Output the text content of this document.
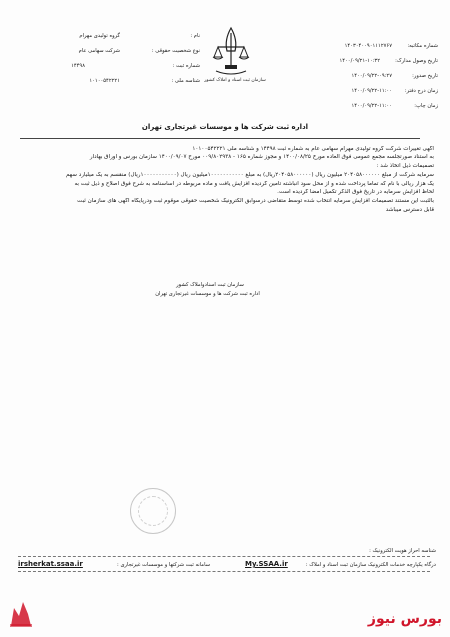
شماره مکاتبه:
۱۴۰۳۰۴۰۰۹۰۱۱۱۲۷۶۷
تاریخ وصول مدارک:
۱۴۰۰/۰۹/۲۱-۱۰:۳۲
تاریخ صدور:
۱۴۰۰/۰۹/۲۲-۰۹:۲۷
زمان درج دفتر:
۱۴۰۰/۰۹/۲۲-۱۱:۰۰
زمان چاپ:
۱۴۰۰/۰۹/۲۲-۱۱:۰۰
سازمان ثبت اسناد و املاک کشور
نام :
گروه تولیدی مهرام
نوع شخصیت حقوقی :
شرکت سهامی عام
شماره ثبت :
۱۴۴۹۸
شناسه ملی :
۱۰۱۰۰۵۴۲۲۲۱
اداره ثبت شرکت ها و موسسات غیرتجاری تهران
آگهی تغییرات شرکت گروه تولیدی مهرام سهامی عام به شماره ثبت ۱۴۴۹۸ و شناسه ملی ۱۰۱۰۰۵۴۲۲۲۱
به استناد صورتجلسه مجمع عمومی فوق العاده مورخ ۱۴۰۰/۰۸/۲۵ و مجوز شماره ۱۶۵ - ۰۰۹/۸۰۲۹۳۸ مورخ ۱۴۰۰/۰۹/۰۷ سازمان بورس و اوراق بهادار
تصمیمات ذیل اتخاذ شد :
سرمایه شرکت از مبلغ ۲۰۴۰۵۸۰۰۰۰۰۰ میلیون ریال (۲۰۴۰۵۸۰۰۰۰۰۰ریال) به مبلغ ۱۰۰۰۰۰۰۰۰۰۰۰میلیون ریال (۱۰۰۰۰۰۰۰۰۰۰۰ریال) منقسم به یک میلیارد سهم
یک هزار ریالی با نام که تماما پرداخت شده و از محل سود انباشته تامین گردیده افزایش یافت و ماده مربوطه در اساسنامه به شرح فوق اصلاح و ذیل ثبت به
لحاظ افزایش سرمایه در تاریخ فوق الذکر تکمیل امضا گردیده است.
بالثبت این مستند تصمیمات افزایش سرمایه انتخاب شده توسط متقاضی درسوابق الکترونیک شخصیت حقوقی موقوم ثبت ودرپایگاه آگهی های سازمان ثبت
قابل دسترس میباشد
سازمان ثبت اسنادواملاک کشور
اداره ثبت شرکت ها و موسسات غیرتجاری تهران
شناسه احراز هویت الکترونیک :
درگاه یکپارچه خدمات الکترونیک سازمان ثبت اسناد و املاک :
My.SSAA.ir
سامانه ثبت شرکتها و موسسات غیرتجاری :
irsherkat.ssaa.ir
بورس نیوز
